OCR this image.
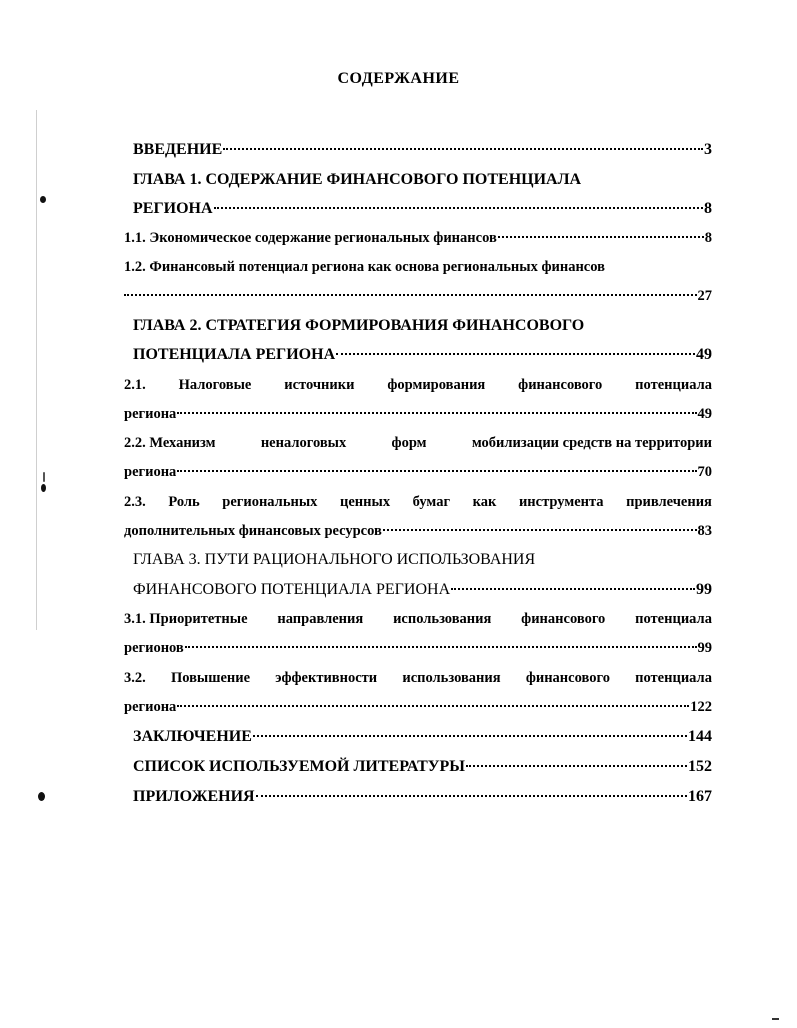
СОДЕРЖАНИЕ
ВВЕДЕНИЕ	3
ГЛАВА 1. СОДЕРЖАНИЕ ФИНАНСОВОГО ПОТЕНЦИАЛА
РЕГИОНА	8
1.1. Экономическое содержание региональных финансов	8
1.2. Финансовый потенциал региона как основа региональных финансов
27
ГЛАВА 2. СТРАТЕГИЯ ФОРМИРОВАНИЯ ФИНАНСОВОГО
ПОТЕНЦИАЛА РЕГИОНА	49
2.1. Налоговые источники формирования финансового потенциала
региона	49
2.2. Механизм	неналоговых	форм	мобилизации средств на территории
региона	70
2.3. Роль региональных ценных бумаг как инструмента привлечения
дополнительных финансовых ресурсов	83
ГЛАВА 3. ПУТИ РАЦИОНАЛЬНОГО ИСПОЛЬЗОВАНИЯ
ФИНАНСОВОГО ПОТЕНЦИАЛА РЕГИОНА	99
3.1. Приоритетные направления использования финансового потенциала
регионов	99
3.2. Повышение эффективности использования финансового потенциала
региона	122
ЗАКЛЮЧЕНИЕ	144
СПИСОК ИСПОЛЬЗУЕМОЙ ЛИТЕРАТУРЫ	152
ПРИЛОЖЕНИЯ	167
